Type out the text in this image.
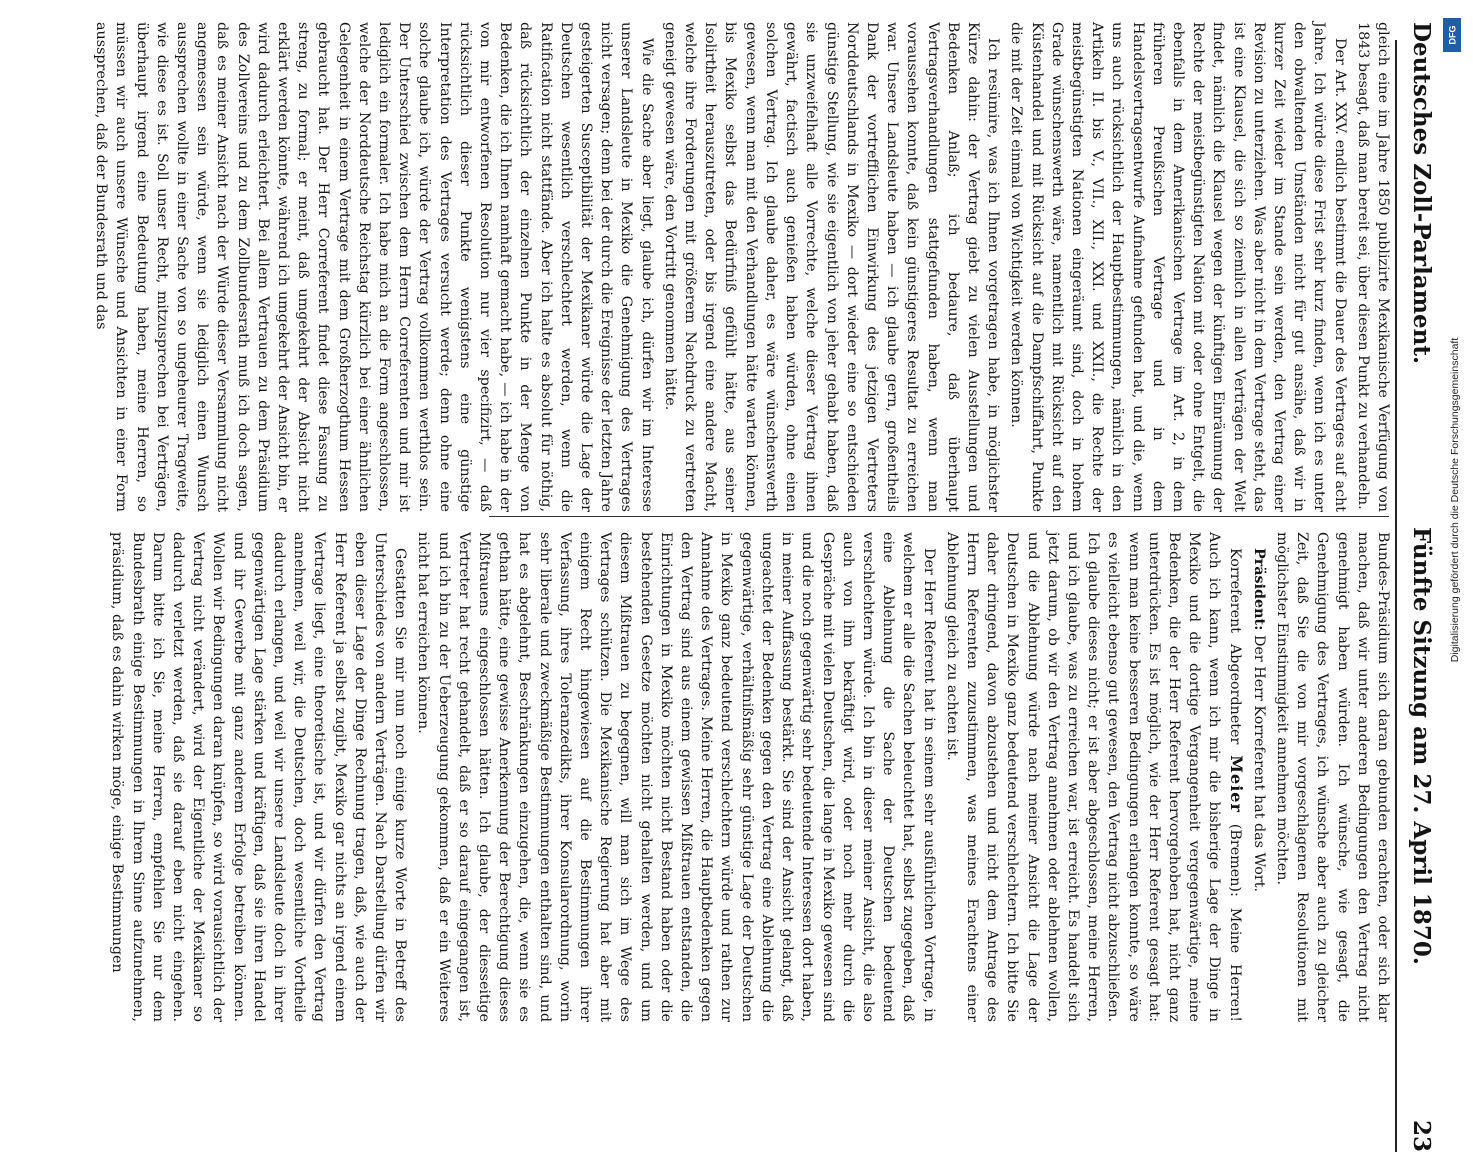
Deutsches Zoll-Parlament.
Fünfte Sitzung am 27. April 1870.
23

gleich eine im Jahre 1850 publizirte Mexikanische Verfügung von 1843 besagt, daß man bereit sei, über diesen Punkt zu verhandeln.

Der Art. XXV. endlich bestimmt die Dauer des Vertrages auf acht Jahre. Ich würde diese Frist sehr kurz finden, wenn ich es unter den obwaltenden Umständen nicht für gut ansähe, daß wir in kurzer Zeit wieder im Stande sein werden, den Vertrag einer Revision zu unterziehen. Was aber nicht in dem Vertrage steht, das ist eine Klausel, die sich so ziemlich in allen Verträgen der Welt findet, nämlich die Klausel wegen der künftigen Einräumung der Rechte der meistbegünstigten Nation mit oder ohne Entgelt, die ebenfalls in dem Amerikanischen Vertrage im Art. 2, in dem früheren Preußischen Vertrage und in dem Handelsvertragsentwurfe Aufnahme gefunden hat, und die, wenn uns auch rücksichtlich der Hauptbestimmungen, nämlich in den Artikeln II. bis V., VII., XII., XXI. und XXII., die Rechte der meistbegünstigten Nationen eingeräumt sind, doch in hohem Grade wünschenswerth wäre, namentlich mit Rücksicht auf den Küstenhandel und mit Rücksicht auf die Dampfschiffahrt, Punkte die mit der Zeit einmal von Wichtigkeit werden können.

Ich resümire, was ich Ihnen vorgetragen habe, in möglichster Kürze dahin: der Vertrag giebt zu vielen Ausstellungen und Bedenken Anlaß; ich bedaure, daß überhaupt Vertragsverhandlungen stattgefunden haben, wenn man voraussehen konnte, daß kein günstigeres Resultat zu erreichen war. Unsere Landsleute haben — ich glaube gern, großentheils Dank der vortrefflichen Einwirkung des jetzigen Vertreters Norddeutschlands in Mexiko — dort wieder eine so entschieden günstige Stellung, wie sie eigentlich von jeher gehabt haben, daß sie unzweifelhaft alle Vorrechte, welche dieser Vertrag ihnen gewährt, factisch auch genießen haben würden, ohne einen solchen Vertrag. Ich glaube daher, es wäre wünschenswerth gewesen, wenn man mit den Verhandlungen hätte warten können, bis Mexiko selbst das Bedürfniß gefühlt hätte, aus seiner Isolirtheit herauszutreten, oder bis irgend eine andere Macht, welche ihre Forderungen mit größerem Nachdruck zu vertreten geneigt gewesen wäre, den Vortritt genommen hätte.

Wie die Sache aber liegt, glaube ich, dürfen wir im Interesse unserer Landsleute in Mexiko die Genehmigung des Vertrages nicht versagen; denn bei der durch die Ereignisse der letzten Jahre gesteigerten Susceptibilität der Mexikaner würde die Lage der Deutschen wesentlich verschlechtert werden, wenn die Ratification nicht stattfände. Aber ich halte es absolut für nöthig, daß rücksichtlich der einzelnen Punkte in der Menge von Bedenken, die ich Ihnen namhaft gemacht habe, — ich habe in der von mir entworfenen Resolution nur vier specifizirt, — daß rücksichtlich dieser Punkte wenigstens eine günstige Interpretation des Vertrages versucht werde; denn ohne eine solche glaube ich, würde der Vertrag vollkommen werthlos sein. Der Unterschied zwischen dem Herrn Correferenten und mir ist lediglich ein formaler. Ich habe mich an die Form angeschlossen, welche der Norddeutsche Reichstag kürzlich bei einer ähnlichen Gelegenheit in einem Vertrage mit dem Großherzogthum Hessen gebraucht hat. Der Herr Correferent findet diese Fassung zu streng, zu formal; er meint, daß umgekehrt der Absicht nicht erklärt werden könnte, während ich umgekehrt der Ansicht bin, er wird dadurch erleichtert. Bei allem Vertrauen zu dem Präsidium des Zollvereins und zu dem Zollbundesrath muß ich doch sagen, daß es meiner Ansicht nach der Würde dieser Versammlung nicht angemessen sein würde, wenn sie lediglich einen Wunsch aussprechen wollte in einer Sache von so ungeheurer Tragweite, wie diese es ist. Soll unser Recht, mitzusprechen bei Verträgen, überhaupt irgend eine Bedeutung haben, meine Herren, so müssen wir auch unsere Wünsche und Ansichten in einer Form aussprechen, daß der Bundesrath und das

Bundes-Präsidium sich daran gebunden erachten, oder sich klar machen, daß wir unter anderen Bedingungen den Vertrag nicht genehmigt haben würden. Ich wünsche, wie gesagt, die Genehmigung des Vertrages, ich wünsche aber auch zu gleicher Zeit, daß Sie die von mir vorgeschlagenen Resolutionen mit möglichster Einstimmigkeit annehmen möchten.

Präsident: Der Herr Korreferent hat das Wort.

Korreferent Abgeordneter Meier (Bremen): Meine Herren! Auch ich kann, wenn ich mir die bisherige Lage der Dinge in Mexiko und die dortige Vergangenheit vergegenwärtige, meine Bedenken, die der Herr Referent hervorgehoben hat, nicht ganz unterdrücken. Es ist möglich, wie der Herr Referent gesagt hat: wenn man keine besseren Bedingungen erlangen konnte, so wäre es vielleicht ebenso gut gewesen, den Vertrag nicht abzuschließen. Ich glaube dieses nicht; er ist aber abgeschlossen, meine Herren, und ich glaube, was zu erreichen war, ist erreicht. Es handelt sich jetzt darum, ob wir den Vertrag annehmen oder ablehnen wollen, und die Ablehnung würde nach meiner Ansicht die Lage der Deutschen in Mexiko ganz bedeutend verschlechtern. Ich bitte Sie daher dringend, davon abzustehen und nicht dem Antrage des Herrn Referenten zuzustimmen, was meines Erachtens einer Ablehnung gleich zu achten ist.

Der Herr Referent hat in seinem sehr ausführlichen Vortrage, in welchem er alle die Sachen beleuchtet hat, selbst zugegeben, daß eine Ablehnung die Sache der Deutschen bedeutend verschlechtern würde. Ich bin in dieser meiner Ansicht, die also auch von ihm bekräftigt wird, oder noch mehr durch die Gespräche mit vielen Deutschen, die lange in Mexiko gewesen sind und die noch gegenwärtig sehr bedeutende Interessen dort haben, in meiner Auffassung bestärkt. Sie sind der Ansicht gelangt, daß ungeachtet der Bedenken gegen den Vertrag eine Ablehnung die gegenwärtige, verhältnißmäßig sehr günstige Lage der Deutschen in Mexiko ganz bedeutend verschlechtern würde und rathen zur Annahme des Vertrages. Meine Herren, die Hauptbedenken gegen den Vertrag sind aus einem gewissen Mißtrauen entstanden, die Einrichtungen in Mexiko möchten nicht Bestand haben oder die bestehenden Gesetze möchten nicht gehalten werden, und um diesem Mißtrauen zu begegnen, will man sich im Wege des Vertrages schützen. Die Mexikanische Regierung hat aber mit einigem Recht hingewiesen auf die Bestimmungen ihrer Verfassung, ihres Toleranzedikts, ihrer Konsularordnung, worin sehr liberale und zweckmäßige Bestimmungen enthalten sind, und hat es abgelehnt, Beschränkungen einzugehen, die, wenn sie es gethan hätte, eine gewisse Anerkennung der Berechtigung dieses Mißtrauens eingeschlossen hätten. Ich glaube, der diesseitige Vertreter hat recht gehandelt, daß er so darauf eingegangen ist, und ich bin zu der Ueberzeugung gekommen, daß er ein Weiteres nicht hat erreichen können.

Gestatten Sie mir nun noch einige kurze Worte in Betreff des Unterschiedes von andern Verträgen. Nach Darstellung dürfen wir eben dieser Lage der Dinge Rechnung tragen, daß, wie auch der Herr Referent ja selbst zugibt, Mexiko gar nichts an irgend einem Vertrage liegt, eine theoretische ist, und wir dürfen den Vertrag annehmen, weil wir, die Deutschen, doch wesentliche Vortheile dadurch erlangen, und weil wir unsere Landsleute doch in ihrer gegenwärtigen Lage stärken und kräftigen, daß sie ihren Handel und ihr Gewerbe mit ganz anderem Erfolge betreiben können. Wollen wir Bedingungen daran knüpfen, so wird vorausichtlich der Vertrag nicht verändert, wird der Eigentliche der Mexikaner so dadurch verletzt werden, daß sie darauf eben nicht eingehen. Darum bitte ich Sie, meine Herren, empfehlen Sie nur dem Bundesbrath einige Bestimmungen in Ihrem Sinne aufzunehmen, präsidium, daß es dahin wirken möge, einige Bestimmungen

DFG
Digitalisierung gefördert durch die Deutsche Forschungsgemeinschaft
